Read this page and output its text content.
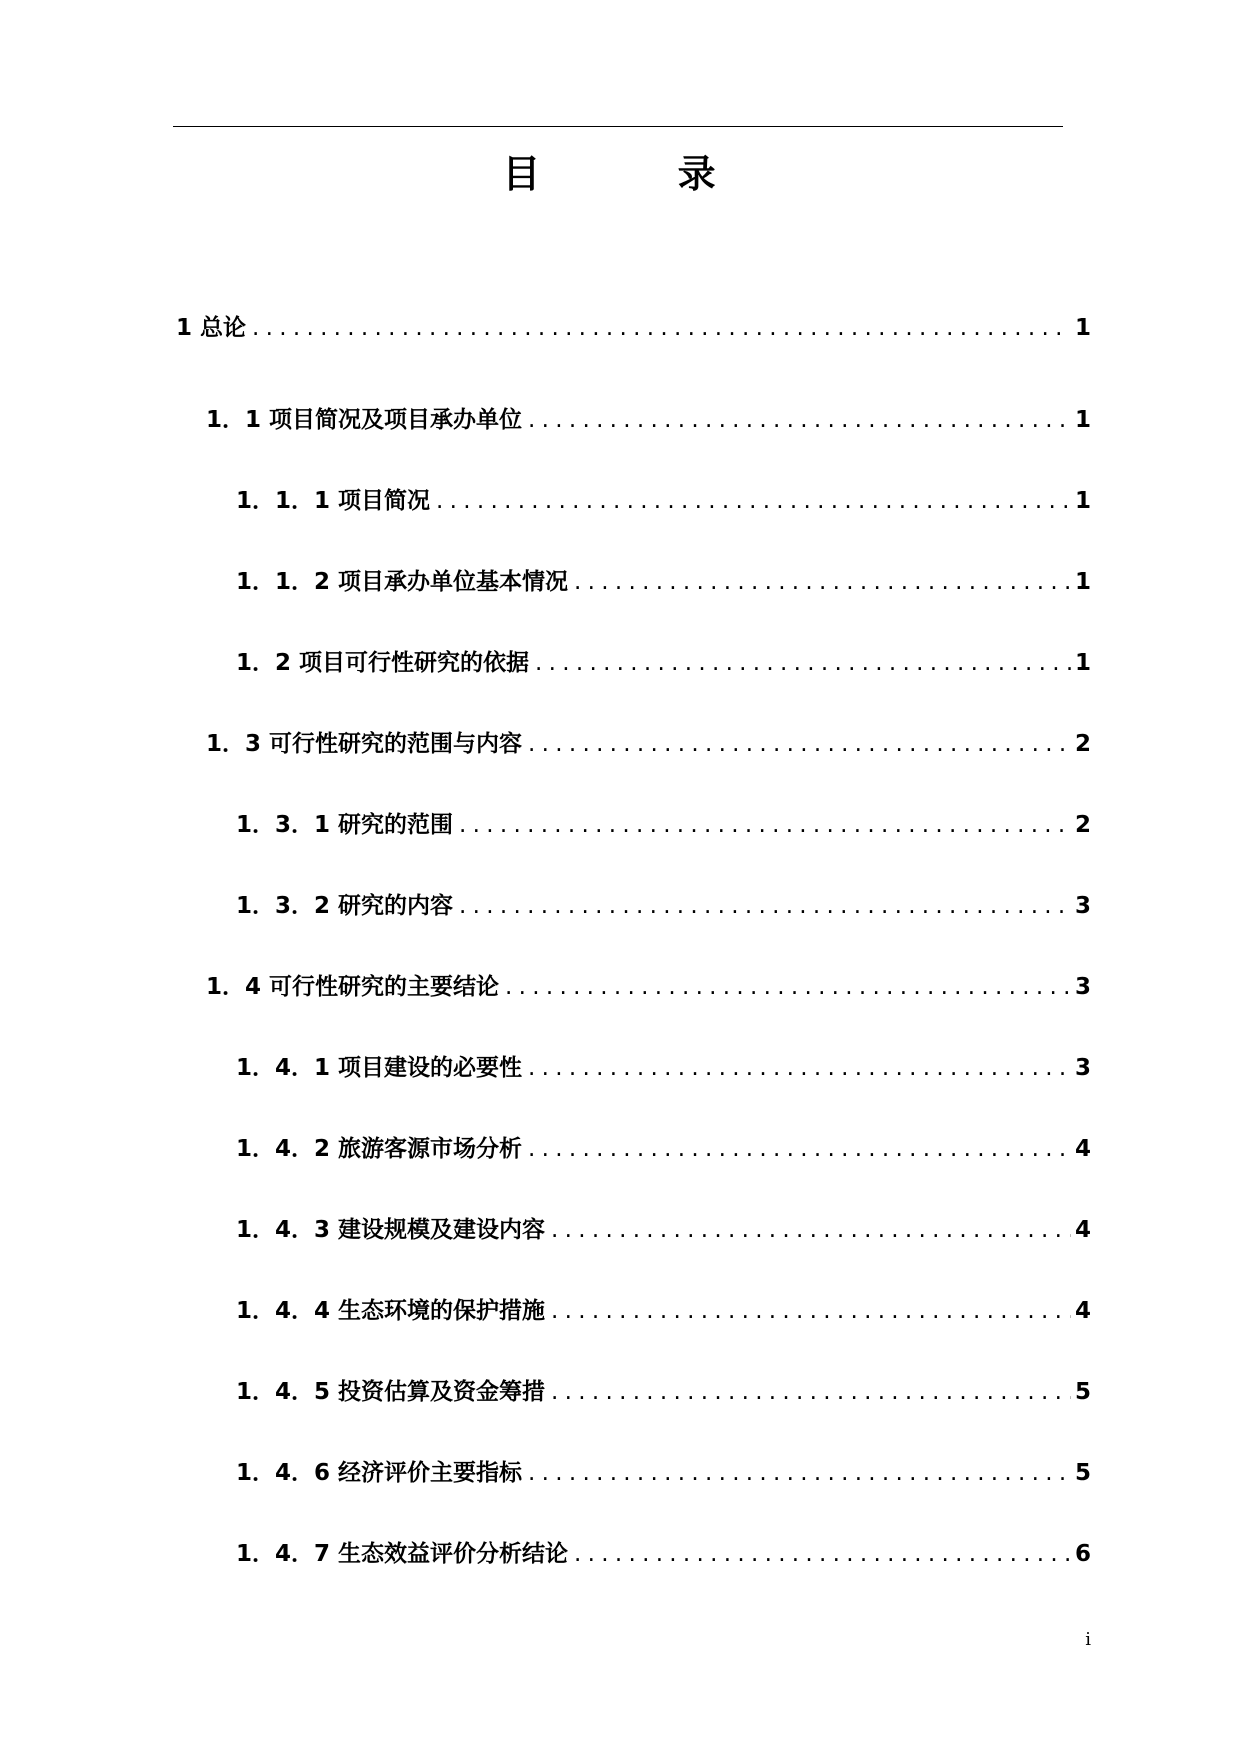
目 录
1 总论 .....	1
1．1 项目简况及项目承办单位 .....	1
1．1．1 项目简况 .....	1
1．1．2 项目承办单位基本情况 .....	1
1．2 项目可行性研究的依据 .....	1
1．3 可行性研究的范围与内容 .....	2
1．3．1 研究的范围 .....	2
1．3．2 研究的内容 .....	3
1．4 可行性研究的主要结论 .....	3
1．4．1 项目建设的必要性 .....	3
1．4．2 旅游客源市场分析 .....	4
1．4．3 建设规模及建设内容 .....	4
1．4．4 生态环境的保护措施 .....	4
1．4．5 投资估算及资金筹措 .....	5
1．4．6 经济评价主要指标 .....	5
1．4．7 生态效益评价分析结论 .....	6
i
